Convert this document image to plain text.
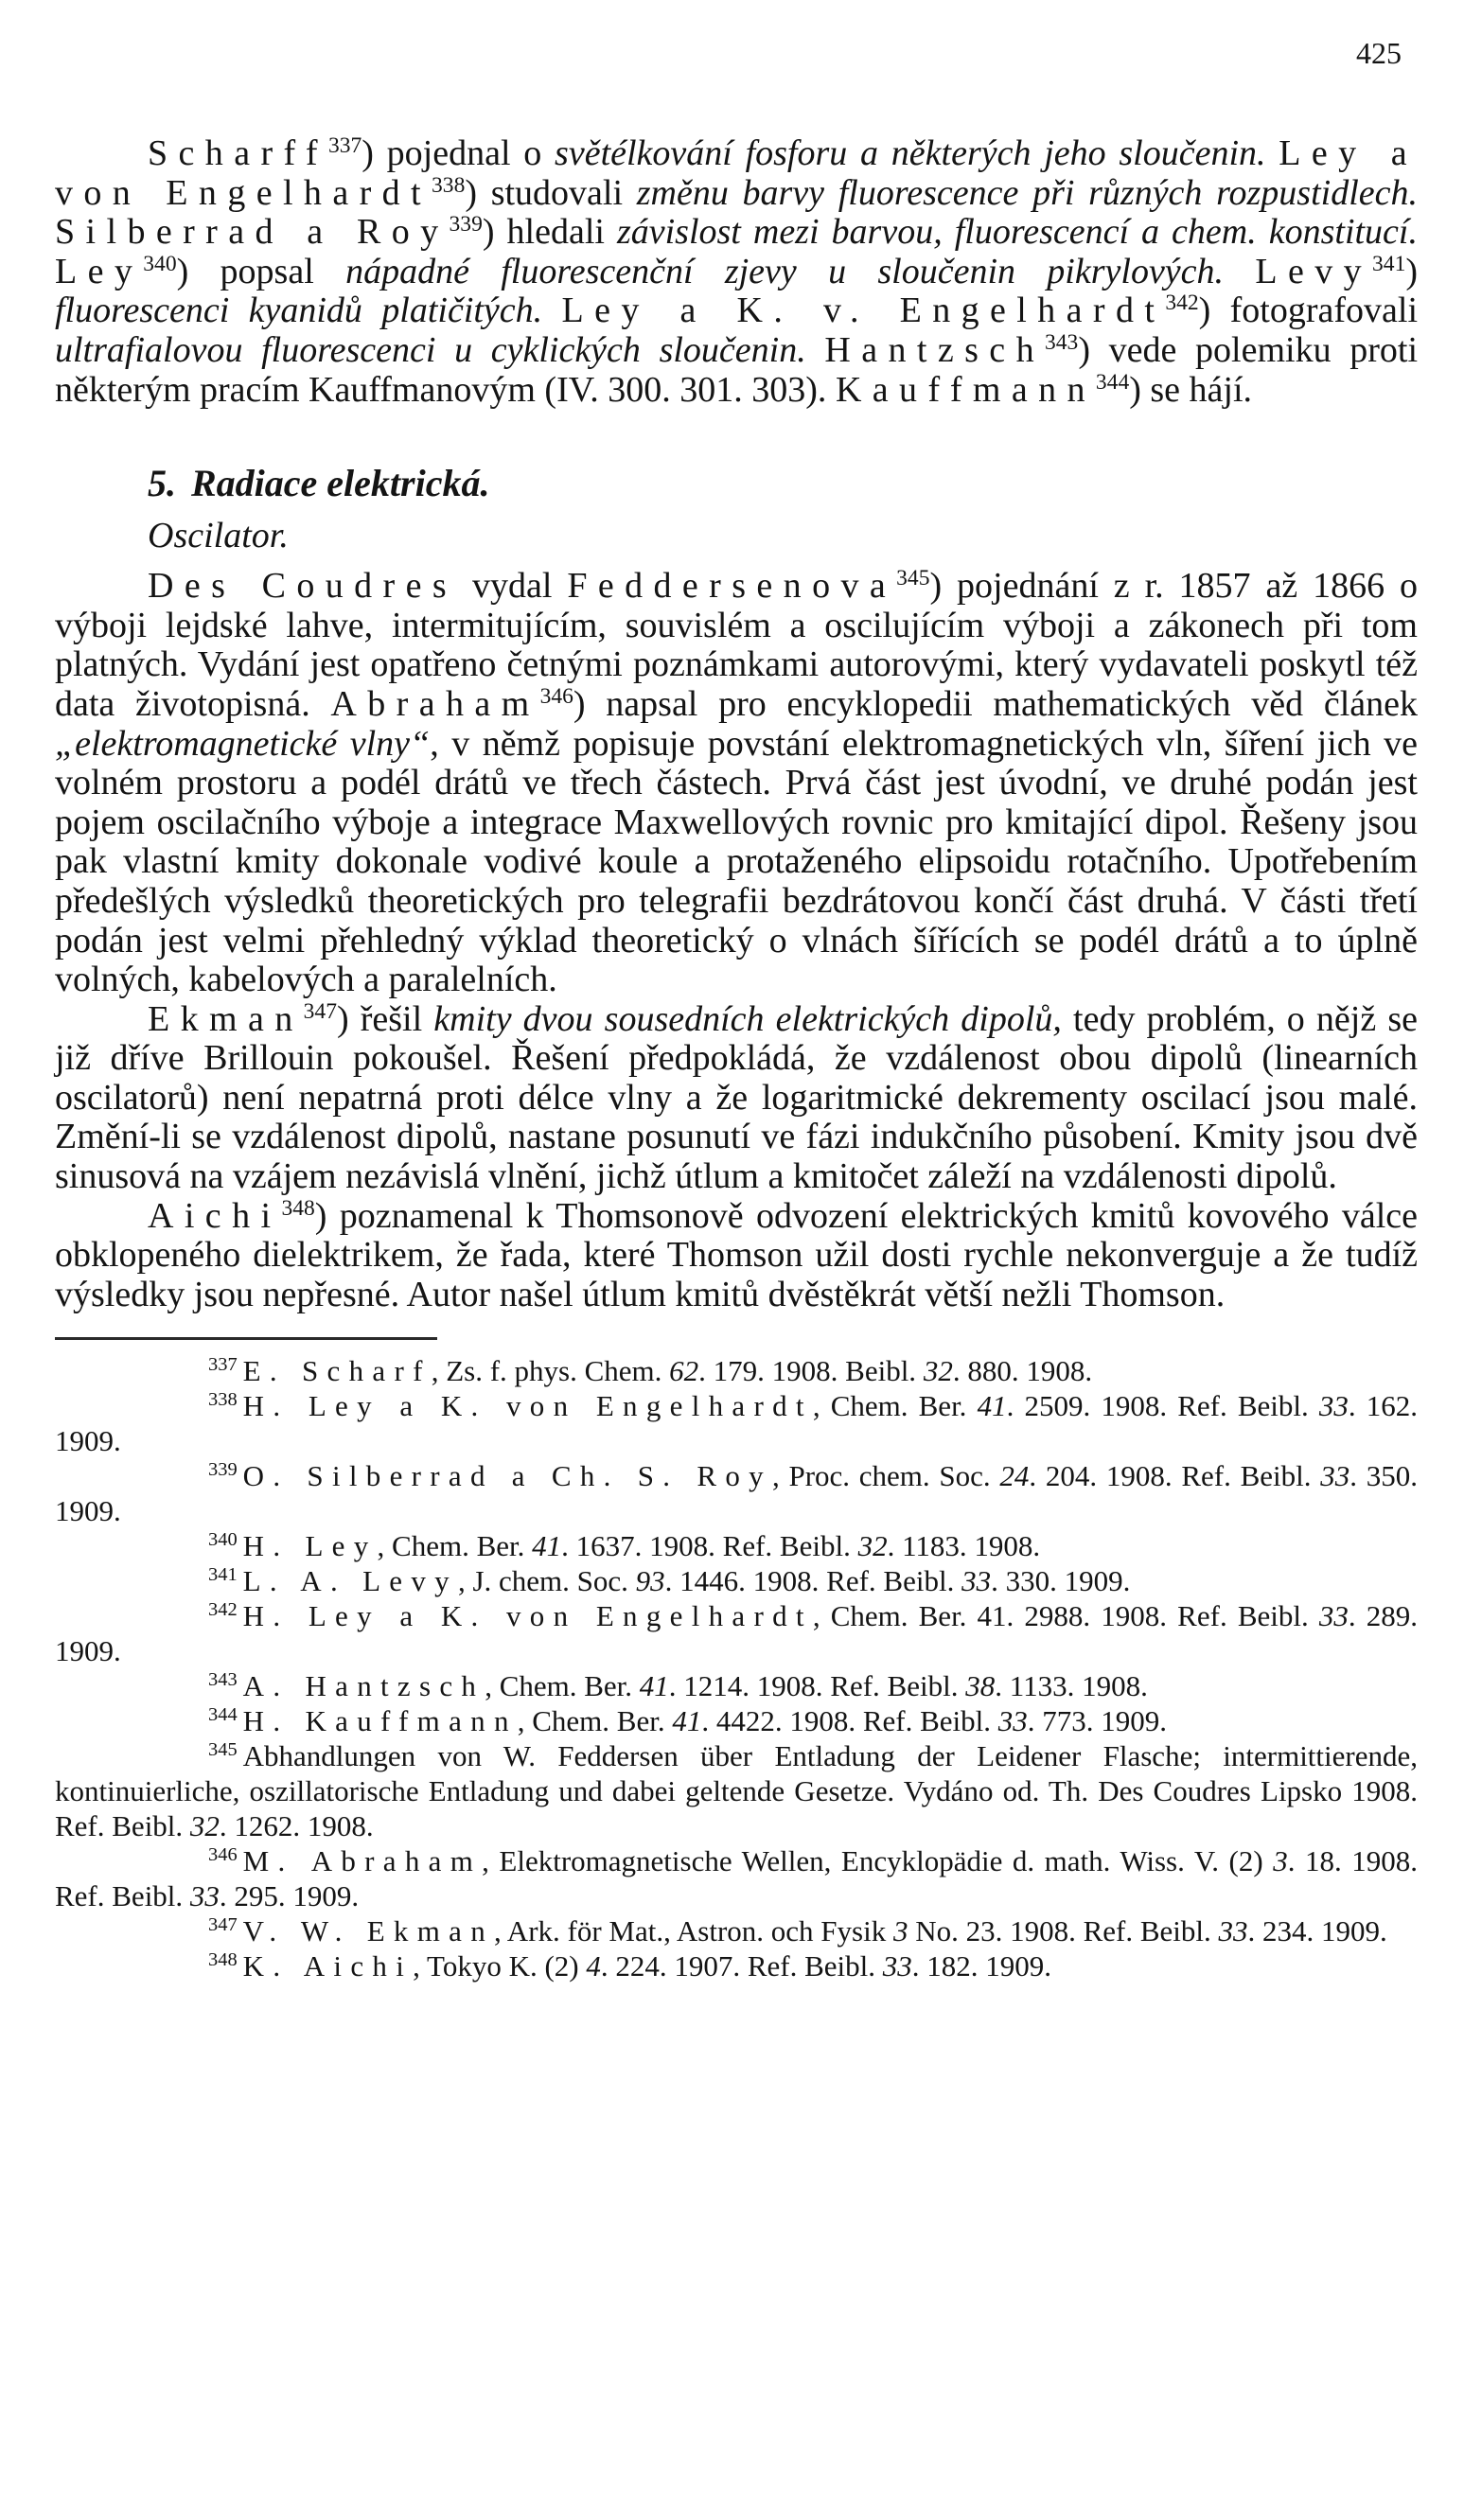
425

Scharff$^{337}$) pojednal o světélkování fosforu a některých jeho sloučenin. Ley a von Engelhardt$^{338}$) studovali změnu barvy fluorescence při různých rozpustidlech. Silberrad a Roy$^{339}$) hledali závislost mezi barvou, fluorescencí a chem. konstitucí. Ley$^{340}$) popsal nápadné fluorescenční zjevy u sloučenin pikrylových. Levy$^{341}$) fluorescenci kyanidů platičitých. Ley a K. v. Engelhardt$^{342}$) fotografovali ultrafialovou fluorescenci u cyklických sloučenin. Hantzsch$^{343}$) vede polemiku proti některým pracím Kauffmanovým (IV. 300. 301. 303). Kauffmann$^{344}$) se hájí.

5. Radiace elektrická.
Oscilator.

Des Coudres vydal Feddersenova$^{345}$) pojednání z r. 1857 až 1866 o výboji lejdské lahve, intermitujícím, souvislém a oscilujícím výboji a zákonech při tom platných. Vydání jest opatřeno četnými poznámkami autorovými, který vydavateli poskytl též data životopisná. Abraham$^{346}$) napsal pro encyklopedii mathematických věd článek „elektromagnetické vlny“, v němž popisuje povstání elektromagnetických vln, šíření jich ve volném prostoru a podél drátů ve třech částech. Prvá část jest úvodní, ve druhé podán jest pojem oscilačního výboje a integrace Maxwellových rovnic pro kmitající dipol. Řešeny jsou pak vlastní kmity dokonale vodivé koule a protaženého elipsoidu rotačního. Upotřebením předešlých výsledků theoretických pro telegrafii bezdrátovou končí část druhá. V části třetí podán jest velmi přehledný výklad theoretický o vlnách šířících se podél drátů a to úplně volných, kabelových a paralelních.

Ekman$^{347}$) řešil kmity dvou sousedních elektrických dipolů, tedy problém, o nějž se již dříve Brillouin pokoušel. Řešení předpokládá, že vzdálenost obou dipolů (linearních oscilatorů) není nepatrná proti délce vlny a že logaritmické dekrementy oscilací jsou malé. Změní-li se vzdálenost dipolů, nastane posunutí ve fázi indukčního působení. Kmity jsou dvě sinusová na vzájem nezávislá vlnění, jichž útlum a kmitočet záleží na vzdálenosti dipolů.

Aichi$^{348}$) poznamenal k Thomsonově odvození elektrických kmitů kovového válce obklopeného dielektrikem, že řada, které Thomson užil dosti rychle nekonverguje a že tudíž výsledky jsou nepřesné. Autor našel útlum kmitů dvěstěkrát větší nežli Thomson.

$^{337}$ E. Scharf, Zs. f. phys. Chem. 62. 179. 1908. Beibl. 32. 880. 1908.

$^{338}$ H. Ley a K. von Engelhardt, Chem. Ber. 41. 2509. 1908. Ref. Beibl. 33. 162. 1909.

$^{339}$ O. Silberrad a Ch. S. Roy, Proc. chem. Soc. 24. 204. 1908. Ref. Beibl. 33. 350. 1909.

$^{340}$ H. Ley, Chem. Ber. 41. 1637. 1908. Ref. Beibl. 32. 1183. 1908.

$^{341}$ L. A. Levy, J. chem. Soc. 93. 1446. 1908. Ref. Beibl. 33. 330. 1909.

$^{342}$ H. Ley a K. von Engelhardt, Chem. Ber. 41. 2988. 1908. Ref. Beibl. 33. 289. 1909.

$^{343}$ A. Hantzsch, Chem. Ber. 41. 1214. 1908. Ref. Beibl. 38. 1133. 1908.

$^{344}$ H. Kauffmann, Chem. Ber. 41. 4422. 1908. Ref. Beibl. 33. 773. 1909.

$^{345}$ Abhandlungen von W. Feddersen über Entladung der Leidener Flasche; intermittierende, kontinuierliche, oszillatorische Entladung und dabei geltende Gesetze. Vydáno od. Th. Des Coudres Lipsko 1908. Ref. Beibl. 32. 1262. 1908.

$^{346}$ M. Abraham, Elektromagnetische Wellen, Encyklopädie d. math. Wiss. V. (2) 3. 18. 1908. Ref. Beibl. 33. 295. 1909.

$^{347}$ V. W. Ekman, Ark. för Mat., Astron. och Fysik 3 No. 23. 1908. Ref. Beibl. 33. 234. 1909.

$^{348}$ K. Aichi, Tokyo K. (2) 4. 224. 1907. Ref. Beibl. 33. 182. 1909.
